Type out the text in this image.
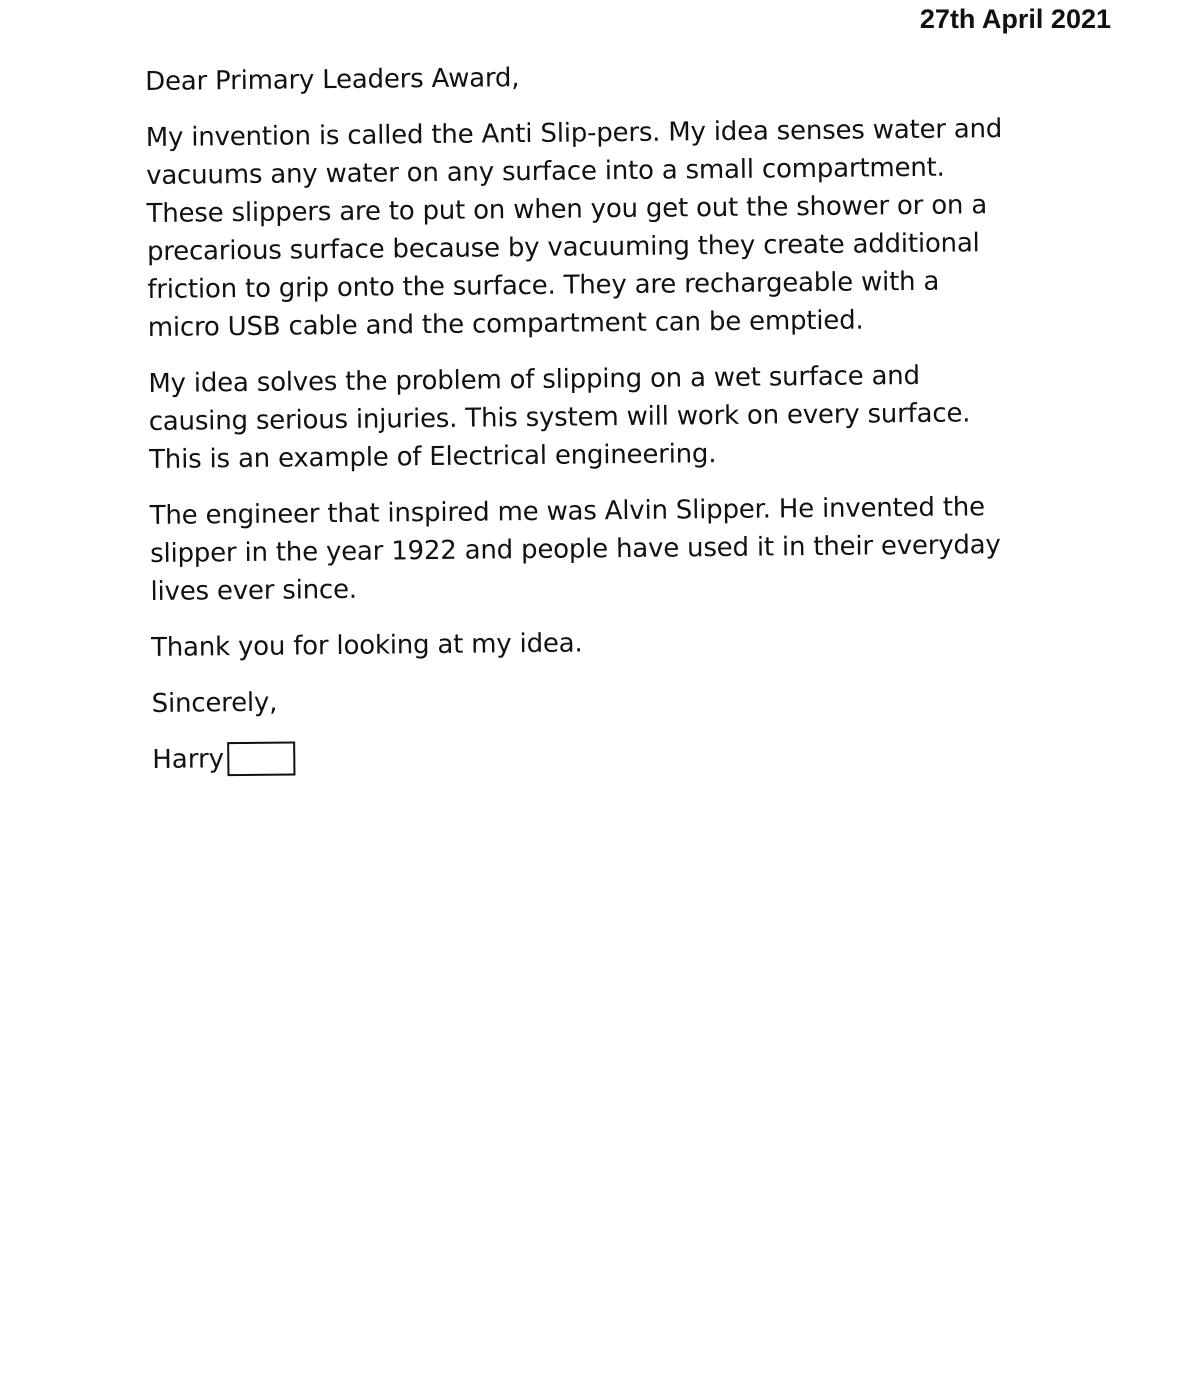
27th April 2021

Dear Primary Leaders Award,

My invention is called the Anti Slip-pers. My idea senses water and
vacuums any water on any surface into a small compartment.
These slippers are to put on when you get out the shower or on a
precarious surface because by vacuuming they create additional
friction to grip onto the surface. They are rechargeable with a
micro USB cable and the compartment can be emptied.
My idea solves the problem of slipping on a wet surface and
causing serious injuries. This system will work on every surface.
This is an example of Electrical engineering.
The engineer that inspired me was Alvin Slipper. He invented the
slipper in the year 1922 and people have used it in their everyday
lives ever since.

Thank you for looking at my idea.

Sincerely,

Harry
